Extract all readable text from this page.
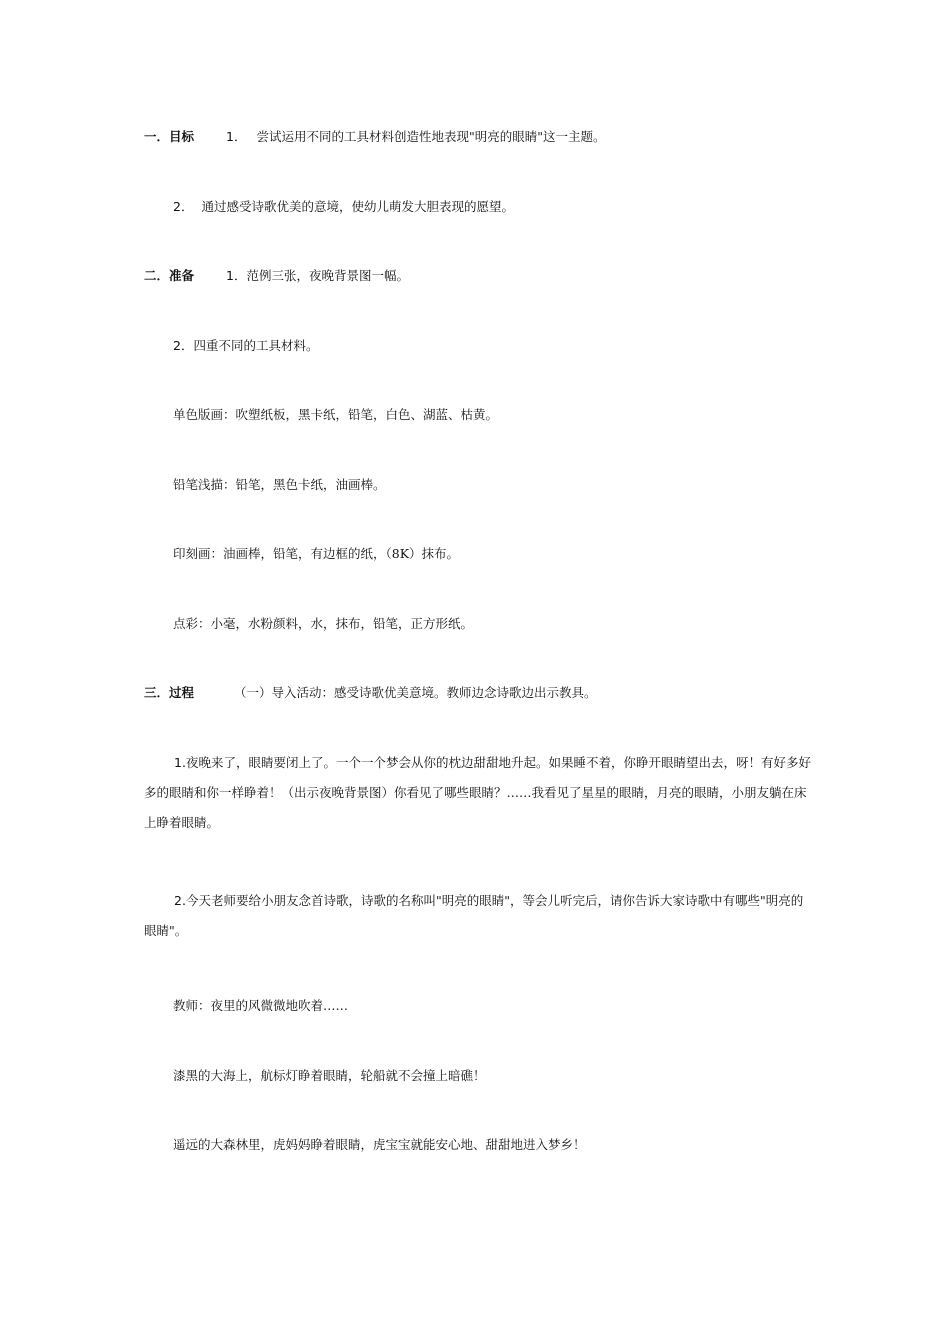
一．目标	1． 尝试运用不同的工具材料创造性地表现"明亮的眼睛"这一主题。
2． 通过感受诗歌优美的意境，使幼儿萌发大胆表现的愿望。
二．准备	1．范例三张，夜晚背景图一幅。
2．四重不同的工具材料。
单色版画：吹塑纸板，黑卡纸，铅笔，白色、湖蓝、枯黄。
铅笔浅描：铅笔，黑色卡纸，油画棒。
印刻画：油画棒，铅笔，有边框的纸，（8K）抹布。
点彩：小毫，水粉颜料，水，抹布，铅笔，正方形纸。
三．过程	（一）导入活动：感受诗歌优美意境。教师边念诗歌边出示教具。
1.夜晚来了，眼睛要闭上了。一个一个梦会从你的枕边甜甜地升起。如果睡不着，你睁开眼睛望出去，呀！有好多好多的眼睛和你一样睁着！（出示夜晚背景图）你看见了哪些眼睛？……我看见了星星的眼睛，月亮的眼睛，小朋友躺在床上睁着眼睛。
2.今天老师要给小朋友念首诗歌，诗歌的名称叫"明亮的眼睛"，等会儿听完后，请你告诉大家诗歌中有哪些"明亮的眼睛"。
教师：夜里的风微微地吹着……
漆黑的大海上，航标灯睁着眼睛，轮船就不会撞上暗礁！
遥远的大森林里，虎妈妈睁着眼睛，虎宝宝就能安心地、甜甜地进入梦乡！
